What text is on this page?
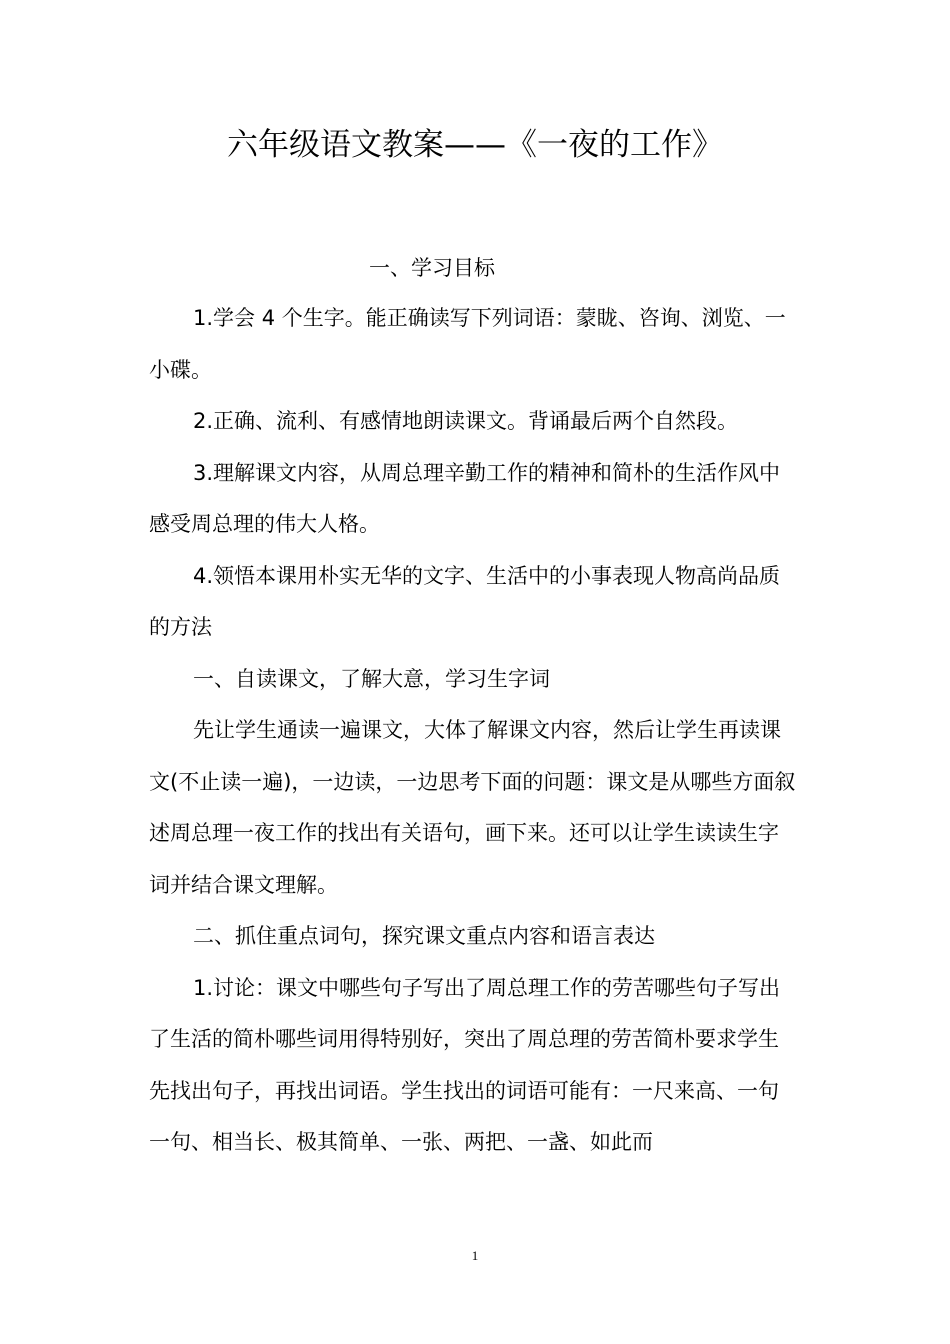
六年级语文教案——《一夜的工作》
一、学习目标

1.学会 4 个生字。能正确读写下列词语：蒙眬、咨询、浏览、一小碟。

2.正确、流利、有感情地朗读课文。背诵最后两个自然段。

3.理解课文内容，从周总理辛勤工作的精神和简朴的生活作风中感受周总理的伟大人格。

4.领悟本课用朴实无华的文字、生活中的小事表现人物高尚品质的方法

一、自读课文，了解大意，学习生字词

先让学生通读一遍课文，大体了解课文内容，然后让学生再读课文(不止读一遍)，一边读，一边思考下面的问题：课文是从哪些方面叙述周总理一夜工作的找出有关语句，画下来。还可以让学生读读生字词并结合课文理解。

二、抓住重点词句，探究课文重点内容和语言表达

1.讨论：课文中哪些句子写出了周总理工作的劳苦哪些句子写出了生活的简朴哪些词用得特别好，突出了周总理的劳苦简朴要求学生先找出句子，再找出词语。学生找出的词语可能有：一尺来高、一句一句、相当长、极其简单、一张、两把、一盏、如此而

1
